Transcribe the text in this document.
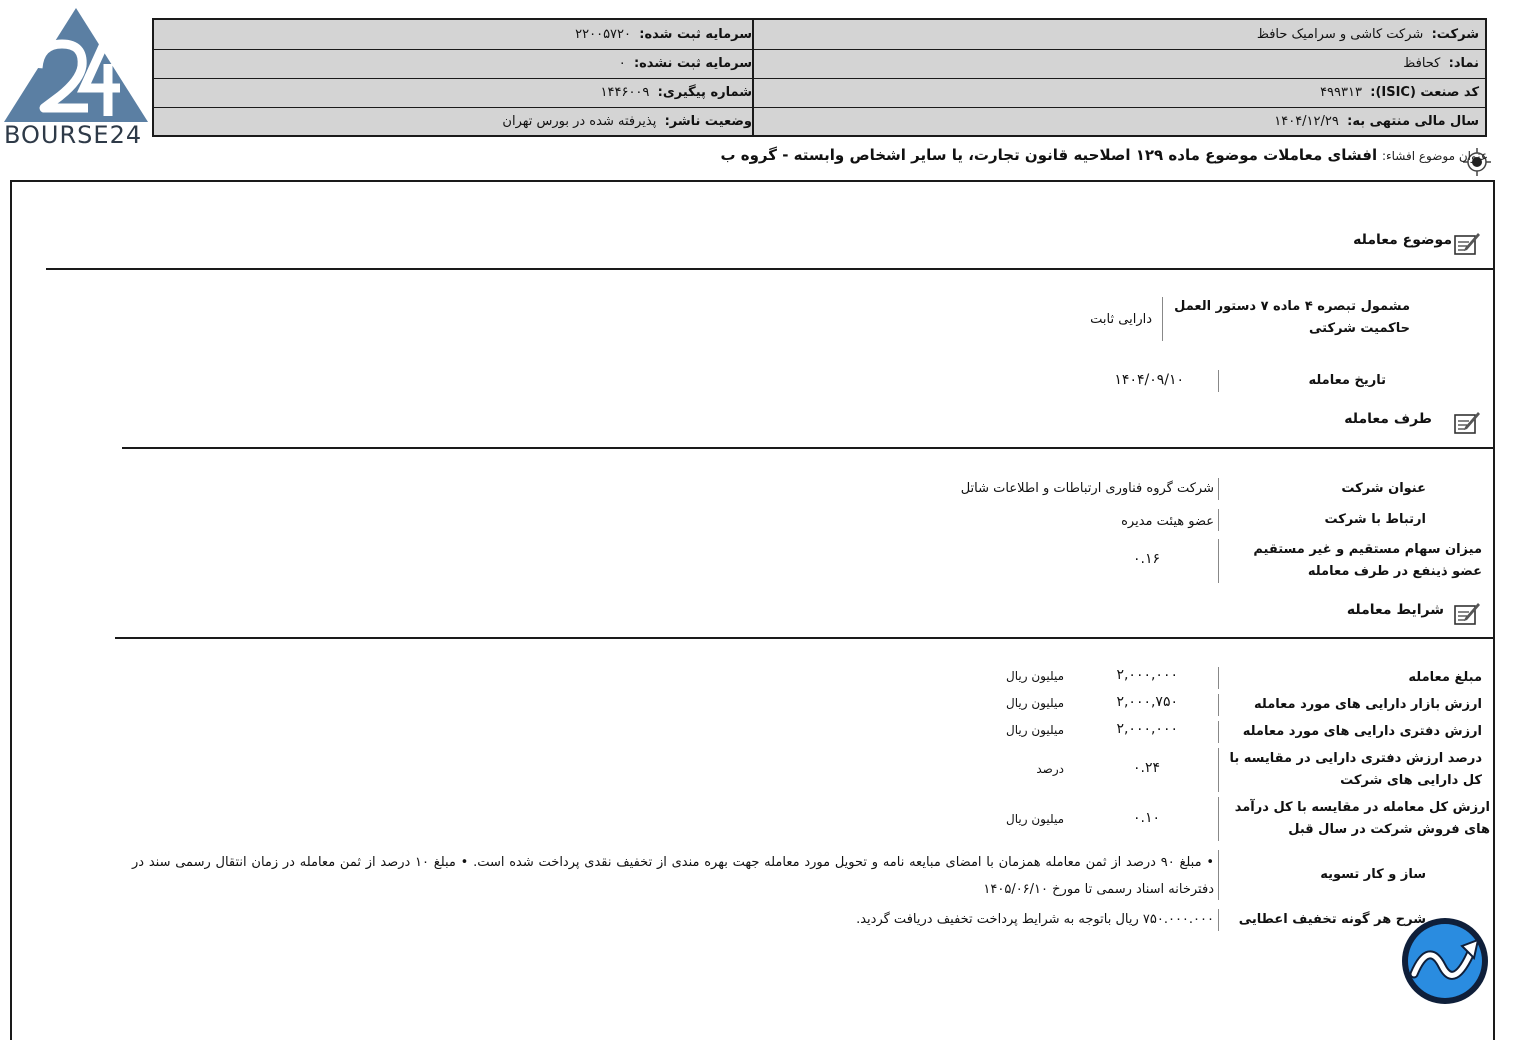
BOURSE24
شرکت:  شرکت کاشی و سرامیک حافظ
سرمایه ثبت شده:  ۲۲۰۰۵۷۲۰
نماد:  کحافظ
سرمایه ثبت نشده:  ۰
کد صنعت (ISIC):  ۴۹۹۳۱۳
شماره پیگیری:  ۱۴۴۶۰۰۹
سال مالی منتهی به:  ۱۴۰۴/۱۲/۲۹
وضعیت ناشر:  پذیرفته شده در بورس تهران
عنوان موضوع افشاء: افشای معاملات موضوع ماده ۱۲۹ اصلاحیه قانون تجارت، یا سایر اشخاص وابسته - گروه ب
موضوع معامله
مشمول تبصره ۴ ماده ۷ دستور العمل حاکمیت شرکتی
دارایی ثابت
تاریخ معامله
۱۴۰۴/۰۹/۱۰
طرف معامله
عنوان شرکت
شرکت گروه فناوری ارتباطات و اطلاعات شاتل
ارتباط با شرکت
عضو هیئت مدیره
میزان سهام مستقیم و غیر مستقیم عضو ذینفع در طرف معامله
۰.۱۶
شرایط معامله
مبلغ معامله
۲,۰۰۰,۰۰۰
میلیون ریال
ارزش بازار دارایی های مورد معامله
۲,۰۰۰,۷۵۰
میلیون ریال
ارزش دفتری دارایی های مورد معامله
۲,۰۰۰,۰۰۰
میلیون ریال
درصد ارزش دفتری دارایی در مقایسه با کل دارایی های شرکت
۰.۲۴
درصد
ارزش کل معامله در مقایسه با کل درآمد های فروش شرکت در سال قبل
۰.۱۰
میلیون ریال
ساز و کار تسویه
• مبلغ ۹۰ درصد از ثمن معامله همزمان با امضای مبایعه نامه و تحویل مورد معامله جهت بهره مندی از تخفیف نقدی پرداخت شده است. • مبلغ ۱۰ درصد از ثمن معامله در زمان انتقال رسمی سند در دفترخانه اسناد رسمی تا مورخ ۱۴۰۵/۰۶/۱۰
شرح هر گونه تخفیف اعطایی
۷۵۰.۰۰۰.۰۰۰ ریال باتوجه به شرایط پرداخت تخفیف دریافت گردید.
